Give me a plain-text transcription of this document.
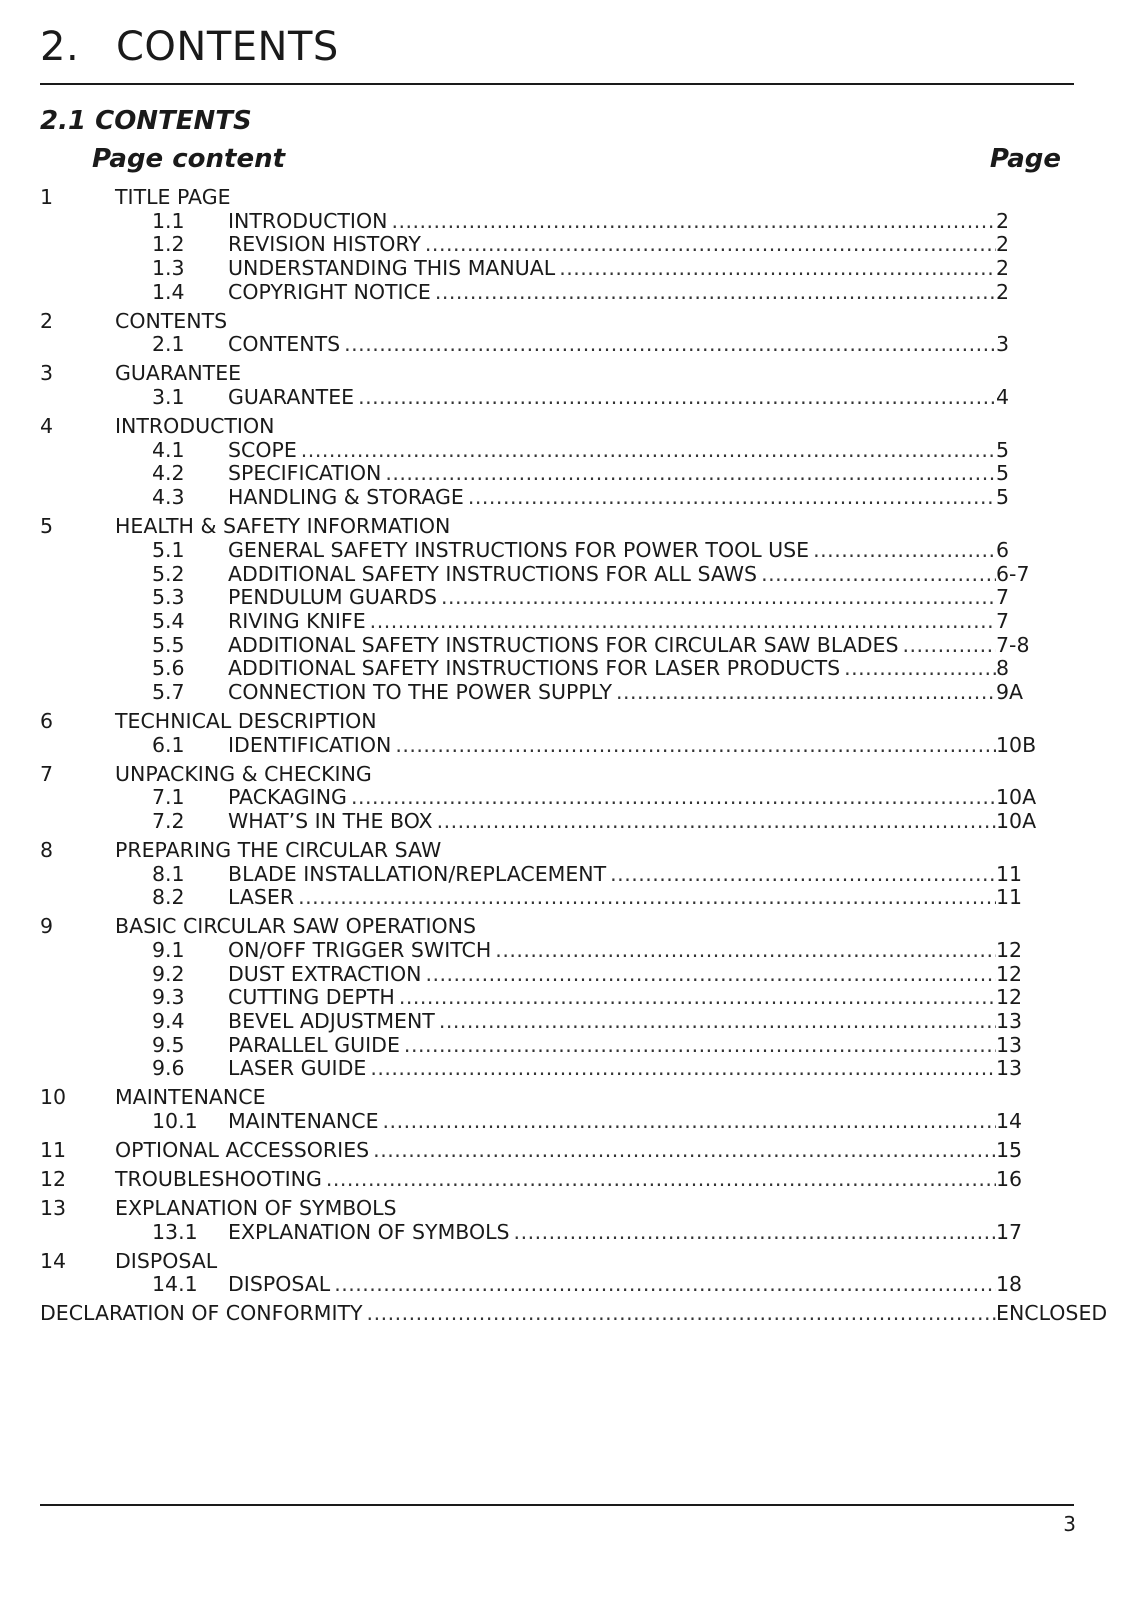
2. CONTENTS
2.1 CONTENTS
Page content	Page
1	TITLE PAGE
1.1 INTRODUCTION .....	2
1.2 REVISION HISTORY .....	2
1.3 UNDERSTANDING THIS MANUAL .....	2
1.4 COPYRIGHT NOTICE .....	2
2	CONTENTS
2.1 CONTENTS .....	3
3	GUARANTEE
3.1 GUARANTEE .....	4
4	INTRODUCTION
4.1 SCOPE .....	5
4.2 SPECIFICATION .....	5
4.3 HANDLING & STORAGE .....	5
5	HEALTH & SAFETY INFORMATION
5.1 GENERAL SAFETY INSTRUCTIONS FOR POWER TOOL USE .....	6
5.2 ADDITIONAL SAFETY INSTRUCTIONS FOR ALL SAWS .....	6-7
5.3 PENDULUM GUARDS .....	7
5.4 RIVING KNIFE .....	7
5.5 ADDITIONAL SAFETY INSTRUCTIONS FOR CIRCULAR SAW BLADES .....	7-8
5.6 ADDITIONAL SAFETY INSTRUCTIONS FOR LASER PRODUCTS .....	8
5.7 CONNECTION TO THE POWER SUPPLY .....	9A
6	TECHNICAL DESCRIPTION
6.1 IDENTIFICATION .....	10B
7	UNPACKING & CHECKING
7.1 PACKAGING .....	10A
7.2 WHAT’S IN THE BOX .....	10A
8	PREPARING THE CIRCULAR SAW
8.1 BLADE INSTALLATION/REPLACEMENT .....	11
8.2 LASER .....	11
9	BASIC CIRCULAR SAW OPERATIONS
9.1 ON/OFF TRIGGER SWITCH .....	12
9.2 DUST EXTRACTION .....	12
9.3 CUTTING DEPTH .....	12
9.4 BEVEL ADJUSTMENT .....	13
9.5 PARALLEL GUIDE .....	13
9.6 LASER GUIDE .....	13
10 MAINTENANCE
10.1 MAINTENANCE .....	14
11 OPTIONAL ACCESSORIES .....	15
12 TROUBLESHOOTING .....	16
13 EXPLANATION OF SYMBOLS
13.1 EXPLANATION OF SYMBOLS .....	17
14 DISPOSAL
14.1 DISPOSAL .....	18
DECLARATION OF CONFORMITY .....	ENCLOSED
3
